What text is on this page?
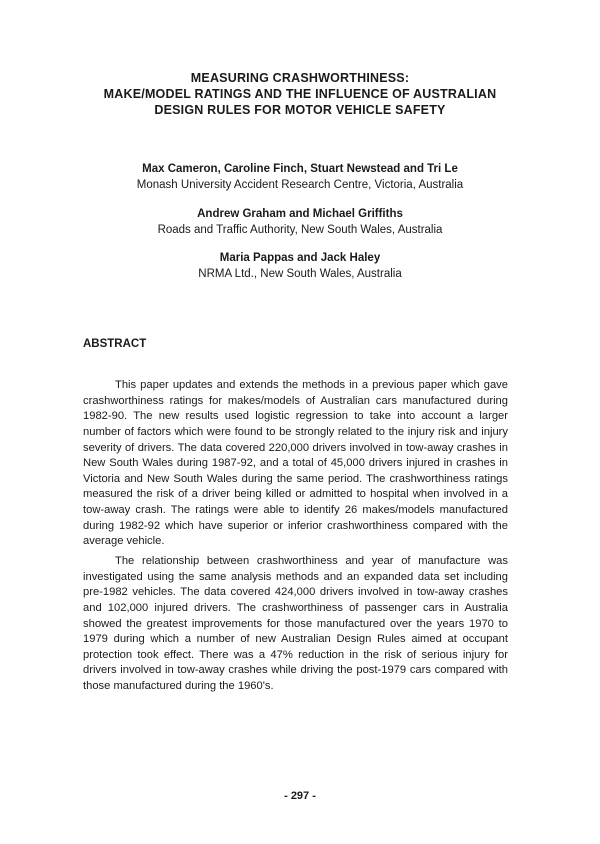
MEASURING CRASHWORTHINESS:
MAKE/MODEL RATINGS AND THE INFLUENCE OF AUSTRALIAN
DESIGN RULES FOR MOTOR VEHICLE SAFETY
Max Cameron, Caroline Finch, Stuart Newstead and Tri Le
Monash University Accident Research Centre, Victoria, Australia
Andrew Graham and Michael Griffiths
Roads and Traffic Authority, New South Wales, Australia
Maria Pappas and Jack Haley
NRMA Ltd., New South Wales, Australia
ABSTRACT

This paper updates and extends the methods in a previous paper which gave crashworthiness ratings for makes/models of Australian cars manufactured during 1982-90. The new results used logistic regression to take into account a larger number of factors which were found to be strongly related to the injury risk and injury severity of drivers. The data covered 220,000 drivers involved in tow-away crashes in New South Wales during 1987-92, and a total of 45,000 drivers injured in crashes in Victoria and New South Wales during the same period. The crashworthiness ratings measured the risk of a driver being killed or admitted to hospital when involved in a tow-away crash. The ratings were able to identify 26 makes/models manufactured during 1982-92 which have superior or inferior crashworthiness compared with the average vehicle.

The relationship between crashworthiness and year of manufacture was investigated using the same analysis methods and an expanded data set including pre-1982 vehicles. The data covered 424,000 drivers involved in tow-away crashes and 102,000 injured drivers. The crashworthiness of passenger cars in Australia showed the greatest improvements for those manufactured over the years 1970 to 1979 during which a number of new Australian Design Rules aimed at occupant protection took effect. There was a 47% reduction in the risk of serious injury for drivers involved in tow-away crashes while driving the post-1979 cars compared with those manufactured during the 1960's.

- 297 -
